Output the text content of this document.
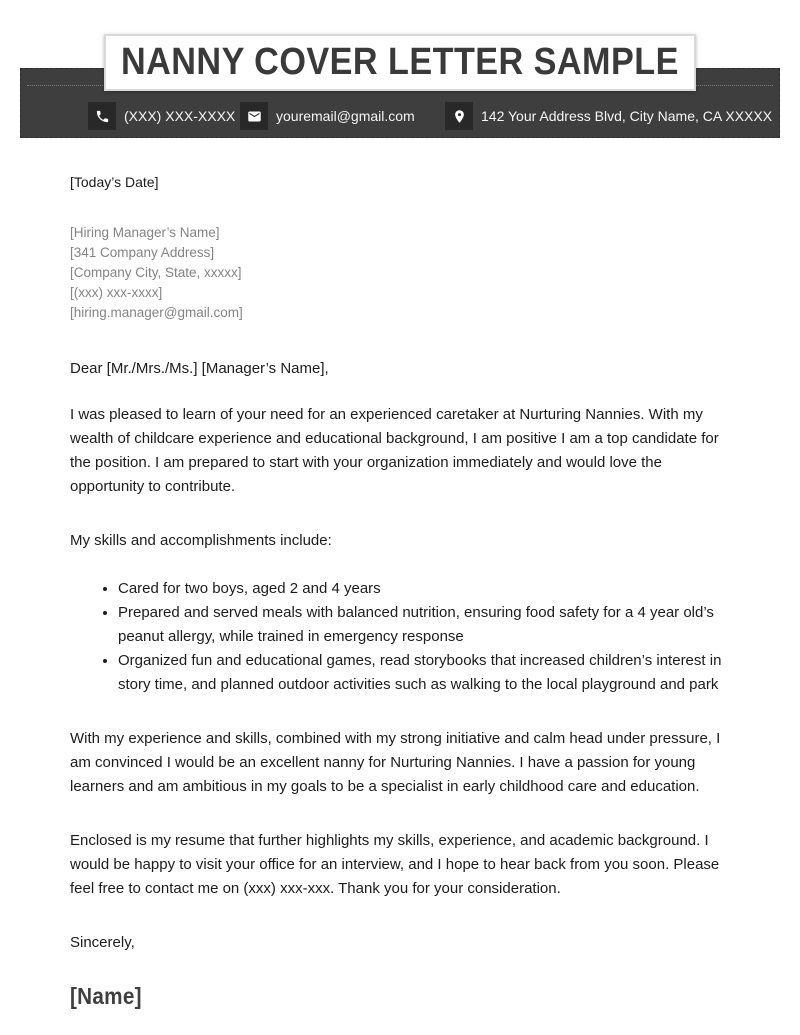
(XXX) XXX-XXXX	youremail@gmail.com	142 Your Address Blvd, City Name, CA XXXXX
NANNY COVER LETTER SAMPLE

[Today’s Date]

[Hiring Manager’s Name]

[341 Company Address]

[Company City, State, xxxxx]

[(xxx) xxx-xxxx]

[hiring.manager@gmail.com]

Dear [Mr./Mrs./Ms.] [Manager’s Name],

I was pleased to learn of your need for an experienced caretaker at Nurturing Nannies. With my wealth of childcare experience and educational background, I am positive I am a top candidate for the position. I am prepared to start with your organization immediately and would love the opportunity to contribute.

My skills and accomplishments include:

• Cared for two boys, aged 2 and 4 years
• Prepared and served meals with balanced nutrition, ensuring food safety for a 4 year old’s peanut allergy, while trained in emergency response
• Organized fun and educational games, read storybooks that increased children’s interest in story time, and planned outdoor activities such as walking to the local playground and park

With my experience and skills, combined with my strong initiative and calm head under pressure, I am convinced I would be an excellent nanny for Nurturing Nannies. I have a passion for young learners and am ambitious in my goals to be a specialist in early childhood care and education.

Enclosed is my resume that further highlights my skills, experience, and academic background. I would be happy to visit your office for an interview, and I hope to hear back from you soon. Please feel free to contact me on (xxx) xxx-xxx. Thank you for your consideration.

Sincerely,

[Name]
